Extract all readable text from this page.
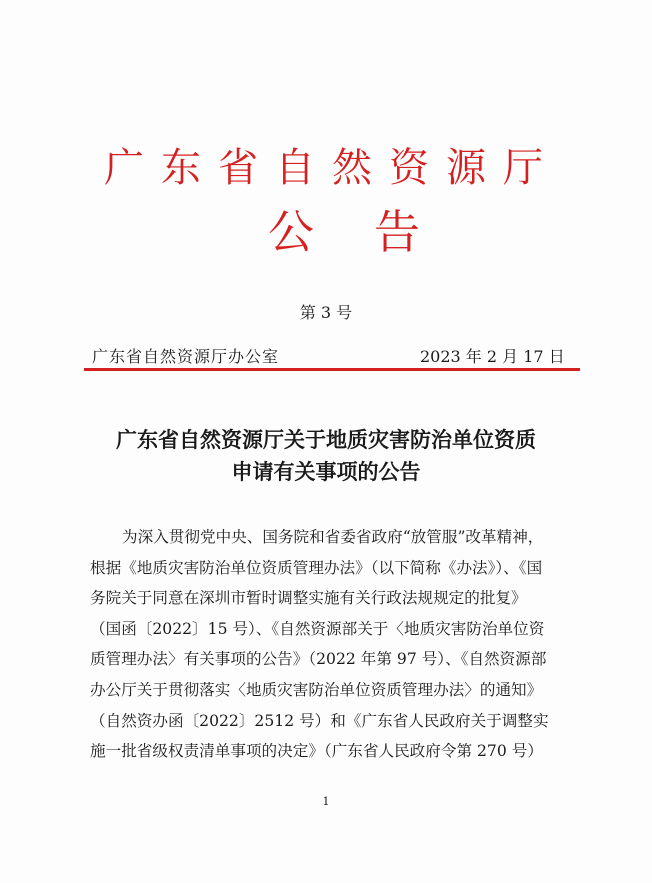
广东省自然资源厅
公告
第 3 号
广东省自然资源厅办公室	2023 年 2 月 17 日
广东省自然资源厅关于地质灾害防治单位资质
申请有关事项的公告
为深入贯彻党中央、国务院和省委省政府“放管服”改革精神，
根据《地质灾害防治单位资质管理办法》（以下简称《办法》）、《国
务院关于同意在深圳市暂时调整实施有关行政法规规定的批复》
（国函〔2022〕15 号）、《自然资源部关于〈地质灾害防治单位资
质管理办法〉有关事项的公告》（2022 年第 97 号）、《自然资源部
办公厅关于贯彻落实〈地质灾害防治单位资质管理办法〉的通知》
（自然资办函〔2022〕2512 号）和《广东省人民政府关于调整实
施一批省级权责清单事项的决定》（广东省人民政府令第 270 号）
1
